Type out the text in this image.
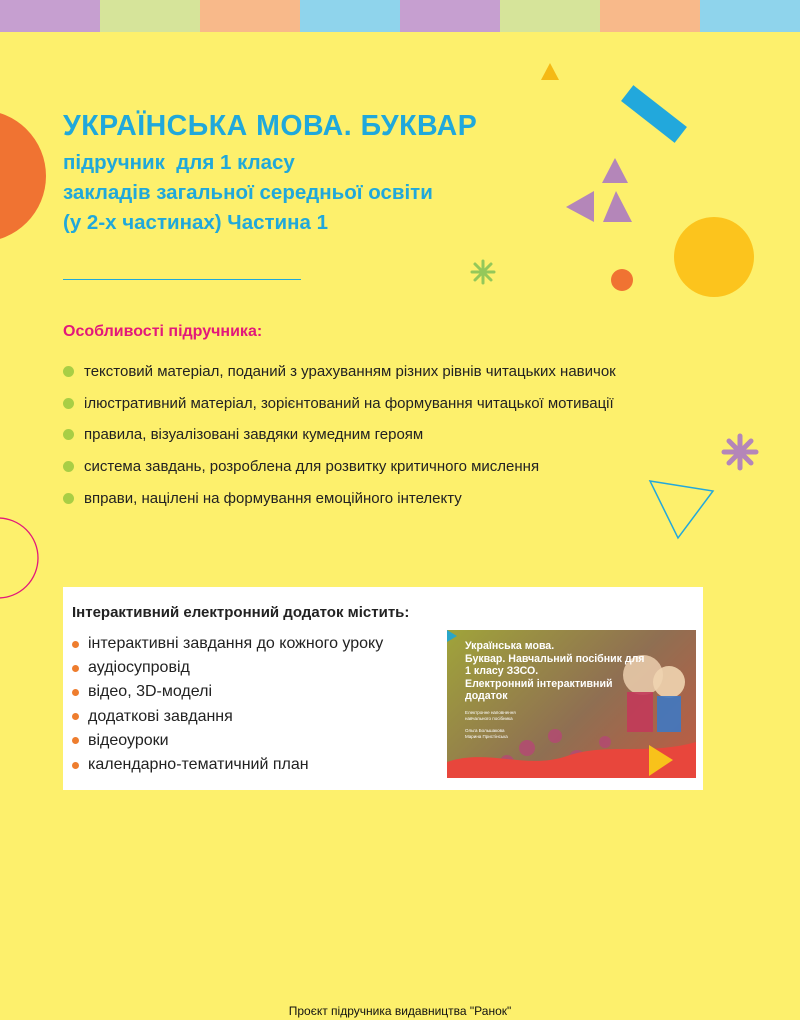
УКРАЇНСЬКА МОВА. БУКВАР
підручник  для 1 класу
закладів загальної середньої освіти
(у 2-х частинах) Частина 1
Особливості підручника:
текстовий матеріал, поданий з урахуванням різних рівнів читацьких навичок
ілюстративний матеріал, зорієнтований на формування читацької мотивації
правила, візуалізовані завдяки кумедним героям
система завдань, розроблена для розвитку критичного мислення
вправи, націлені на формування емоційного інтелекту
Інтерактивний електронний додаток містить:
інтерактивні завдання до кожного уроку
аудіосупровід
відео, 3D-моделі
додаткові завдання
відеоуроки
календарно-тематичний план
Українська мова.
Буквар. Навчальний посібник для
1 класу ЗЗСО.
Електронний інтерактивний
додаток
Електронне наповнення
навчального посібника
Ольга Большакова
Марина Пристінська
Проєкт підручника видавництва "Ранок"
